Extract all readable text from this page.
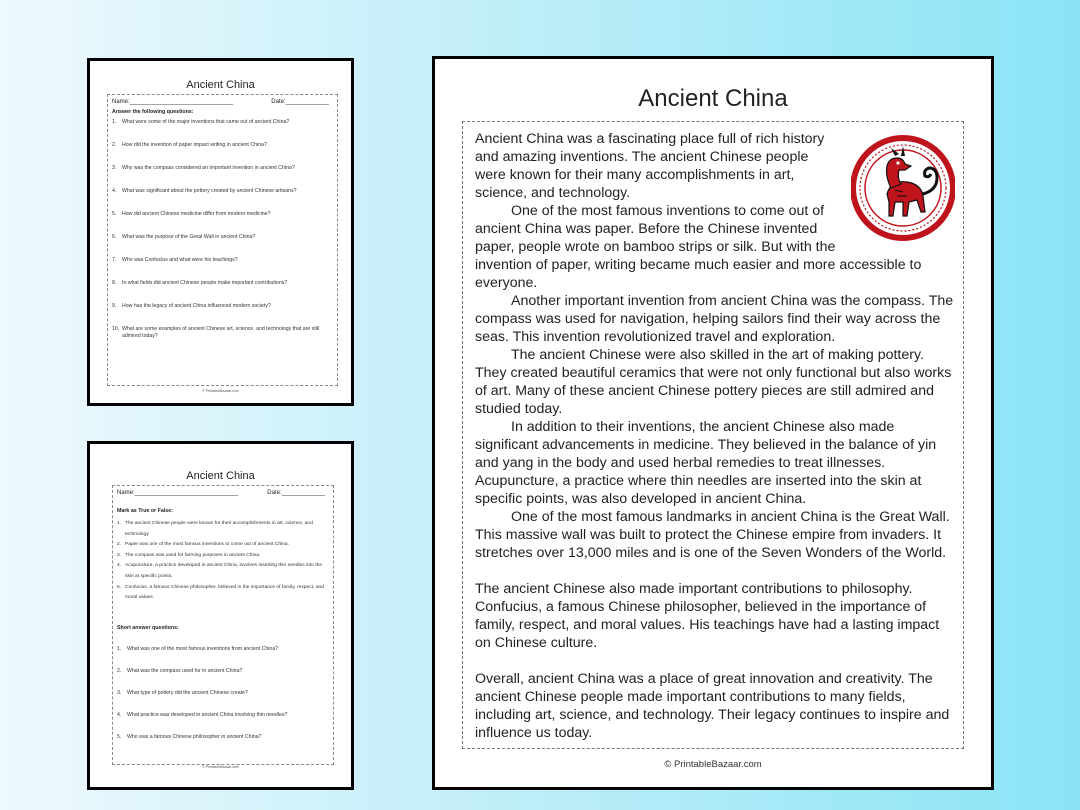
Ancient China
Name:_______________________________	Date:_____________
Answer the following questions:
1. What were some of the major inventions that came out of ancient China?
2. How did the invention of paper impact writing in ancient China?
3. Why was the compass considered an important invention in ancient China?
4. What was significant about the pottery created by ancient Chinese artisans?
5. How did ancient Chinese medicine differ from modern medicine?
6. What was the purpose of the Great Wall in ancient China?
7. Who was Confucius and what were his teachings?
8. In what fields did ancient Chinese people make important contributions?
9. How has the legacy of ancient China influenced modern society?
10. What are some examples of ancient Chinese art, science, and technology that are still admired today?
© PrintableBazaar.com
Ancient China
Name:_______________________________	Date:_____________
Mark as True or False:
1. The ancient Chinese people were known for their accomplishments in art, science, and technology.
2. Paper was one of the most famous inventions to come out of ancient China.
3. The compass was used for farming purposes in ancient China.
4. Acupuncture, a practice developed in ancient China, involves inserting thin needles into the skin at specific points.
5. Confucius, a famous Chinese philosopher, believed in the importance of family, respect, and moral values.
Short answer questions:
1. What was one of the most famous inventions from ancient China?
2. What was the compass used for in ancient China?
3. What type of pottery did the ancient Chinese create?
4. What practice was developed in ancient China involving thin needles?
5. Who was a famous Chinese philosopher in ancient China?
© PrintableBazaar.com
Ancient China

Ancient China was a fascinating place full of rich history and amazing inventions. The ancient Chinese people were known for their many accomplishments in art, science, and technology.

One of the most famous inventions to come out of ancient China was paper. Before the Chinese invented paper, people wrote on bamboo strips or silk. But with the invention of paper, writing became much easier and more accessible to everyone.

Another important invention from ancient China was the compass. The compass was used for navigation, helping sailors find their way across the seas. This invention revolutionized travel and exploration.

The ancient Chinese were also skilled in the art of making pottery. They created beautiful ceramics that were not only functional but also works of art. Many of these ancient Chinese pottery pieces are still admired and studied today.

In addition to their inventions, the ancient Chinese also made significant advancements in medicine. They believed in the balance of yin and yang in the body and used herbal remedies to treat illnesses. Acupuncture, a practice where thin needles are inserted into the skin at specific points, was also developed in ancient China.

One of the most famous landmarks in ancient China is the Great Wall. This massive wall was built to protect the Chinese empire from invaders. It stretches over 13,000 miles and is one of the Seven Wonders of the World.

The ancient Chinese also made important contributions to philosophy. Confucius, a famous Chinese philosopher, believed in the importance of family, respect, and moral values. His teachings have had a lasting impact on Chinese culture.

Overall, ancient China was a place of great innovation and creativity. The ancient Chinese people made important contributions to many fields, including art, science, and technology. Their legacy continues to inspire and influence us today.

© PrintableBazaar.com
